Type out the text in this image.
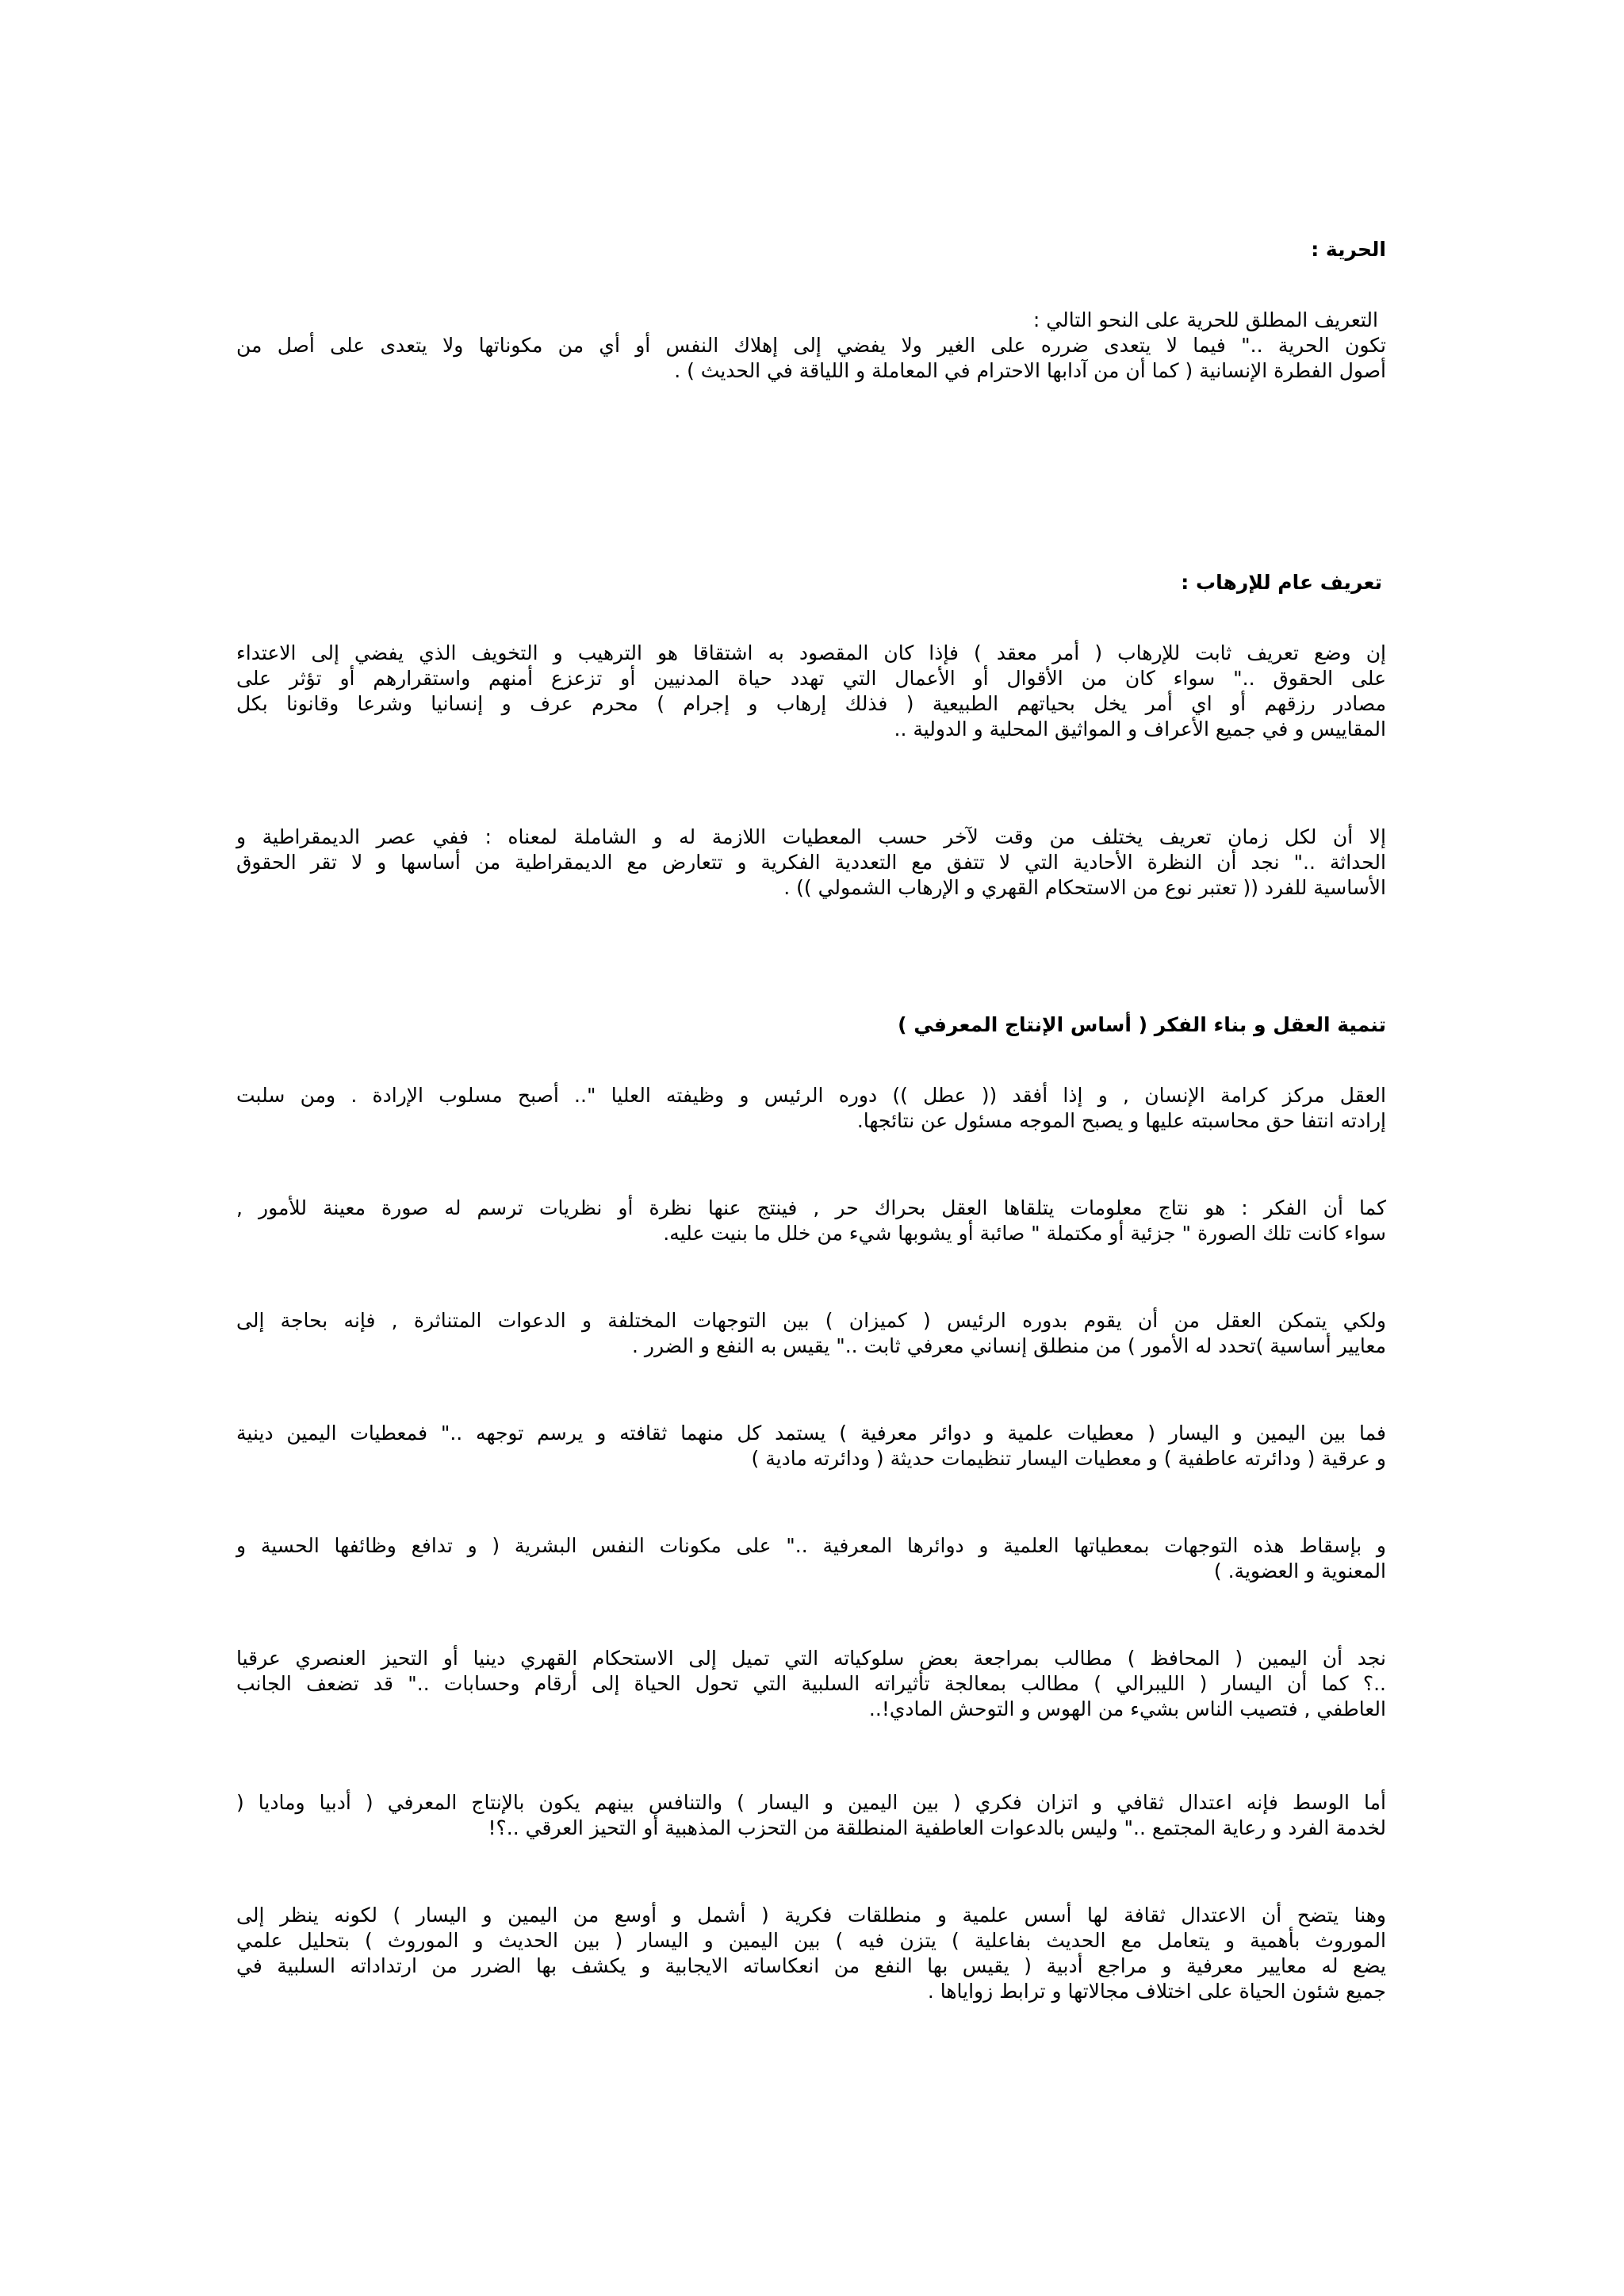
الحرية :
التعريف المطلق للحرية على النحو التالي :
تكون الحرية .." فيما لا يتعدى ضرره على الغير ولا يفضي إلى إهلاك النفس أو أي من مكوناتها ولا يتعدى على أصل من
أصول الفطرة الإنسانية ( كما أن من آدابها الاحترام في المعاملة و اللياقة في الحديث ) .
تعريف عام للإرهاب :
إن وضع تعريف ثابت للإرهاب ( أمر معقد ) فإذا كان المقصود به اشتقاقا هو الترهيب و التخويف الذي يفضي إلى الاعتداء
على الحقوق .." سواء كان من الأقوال أو الأعمال التي تهدد حياة المدنيين أو تزعزع أمنهم واستقرارهم أو تؤثر على
مصادر رزقهم أو اي أمر يخل بحياتهم الطبيعية ( فذلك إرهاب و إجرام ) محرم عرف و إنسانيا وشرعا وقانونا بكل
المقاييس و في جميع الأعراف و المواثيق المحلية و الدولية ..
إلا أن لكل زمان تعريف يختلف من وقت لآخر حسب المعطيات اللازمة له و الشاملة لمعناه : ففي عصر الديمقراطية و
الحداثة .." نجد أن النظرة الأحادية التي لا تتفق مع التعددية الفكرية و تتعارض مع الديمقراطية من أساسها و لا تقر الحقوق
الأساسية للفرد (( تعتبر نوع من الاستحكام القهري و الإرهاب الشمولي )) .
تنمية العقل و بناء الفكر ( أساس الإنتاج المعرفي )
العقل مركز كرامة الإنسان , و إذا أفقد (( عطل )) دوره الرئيس و وظيفته العليا ".. أصبح مسلوب الإرادة . ومن سلبت
إرادته انتفا حق محاسبته عليها و يصبح الموجه مسئول عن نتائجها.
كما أن الفكر : هو نتاج معلومات يتلقاها العقل بحراك حر , فينتج عنها نظرة أو نظريات ترسم له صورة معينة للأمور ,
سواء كانت تلك الصورة " جزئية أو مكتملة " صائبة أو يشوبها شيء من خلل ما بنيت عليه.
ولكي يتمكن العقل من أن يقوم بدوره الرئيس ( كميزان ) بين التوجهات المختلفة و الدعوات المتناثرة , فإنه بحاجة إلى
معايير أساسية )تحدد له الأمور ) من منطلق إنساني معرفي ثابت .." يقيس به النفع و الضرر .
فما بين اليمين و اليسار ( معطيات علمية و دوائر معرفية ) يستمد كل منهما ثقافته و يرسم توجهه .." فمعطيات اليمين دينية
و عرقية ( ودائرته عاطفية ) و معطيات اليسار تنظيمات حديثة ( ودائرته مادية )
و بإسقاط هذه التوجهات بمعطياتها العلمية و دوائرها المعرفية .." على مكونات النفس البشرية ( و تدافع وظائفها الحسية و
المعنوية و العضوية. )
نجد أن اليمين ( المحافظ ) مطالب بمراجعة بعض سلوكياته التي تميل إلى الاستحكام القهري دينيا أو التحيز العنصري عرقيا
..؟ كما أن اليسار ( الليبرالي ) مطالب بمعالجة تأثيراته السلبية التي تحول الحياة إلى أرقام وحسابات .." قد تضعف الجانب
العاطفي , فتصيب الناس بشيء من الهوس و التوحش المادي!..
أما الوسط فإنه اعتدال ثقافي و اتزان فكري ( بين اليمين و اليسار ) والتنافس بينهم يكون بالإنتاج المعرفي ( أدبيا وماديا (
لخدمة الفرد و رعاية المجتمع .." وليس بالدعوات العاطفية المنطلقة من التحزب المذهبية أو التحيز العرقي ..؟!
وهنا يتضح أن الاعتدال ثقافة لها أسس علمية و منطلقات فكرية ( أشمل و أوسع من اليمين و اليسار ) لكونه ينظر إلى
الموروث بأهمية و يتعامل مع الحديث بفاعلية ) يتزن فيه ) بين اليمين و اليسار ( بين الحديث و الموروث ) بتحليل علمي
يضع له معايير معرفية و مراجع أدبية ( يقيس بها النفع من انعكاساته الايجابية و يكشف بها الضرر من ارتداداته السلبية في
جميع شئون الحياة على اختلاف مجالاتها و ترابط زواياها .
